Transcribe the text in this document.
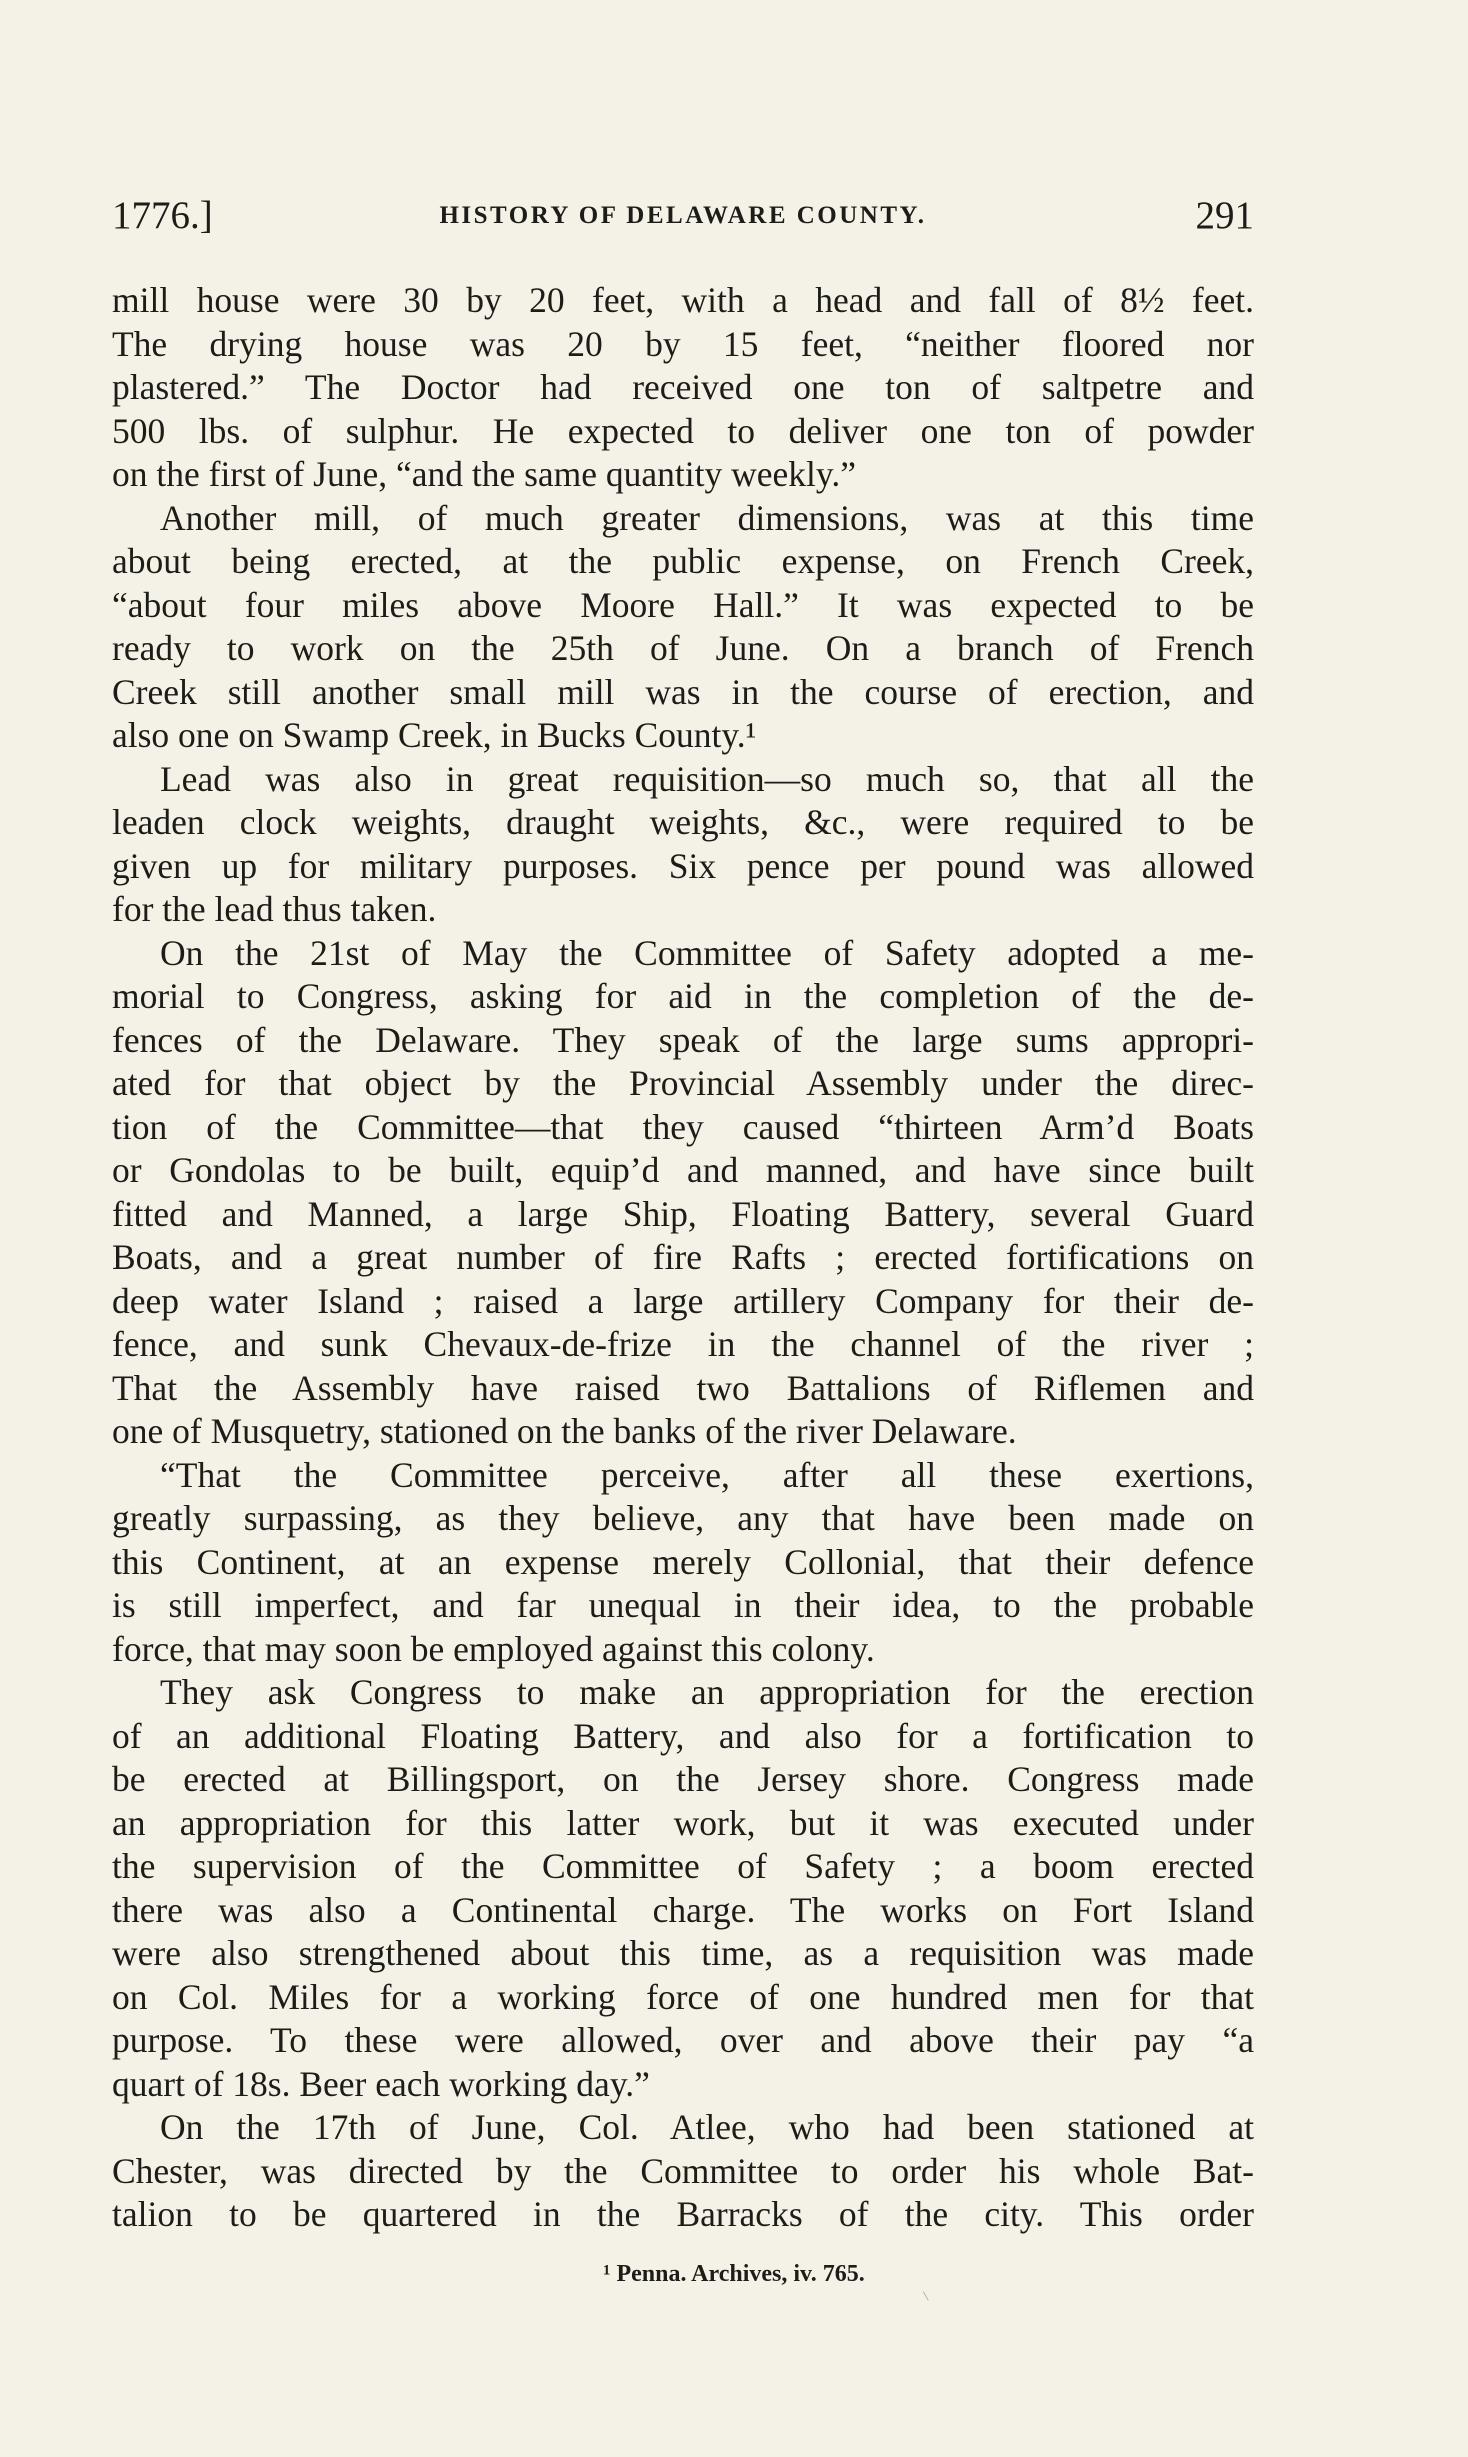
1776.]	HISTORY OF DELAWARE COUNTY.	291
mill house were 30 by 20 feet, with a head and fall of 8½ feet.
The drying house was 20 by 15 feet, “neither floored nor
plastered.” The Doctor had received one ton of saltpetre and
500 lbs. of sulphur. He expected to deliver one ton of powder
on the first of June, “and the same quantity weekly.”
Another mill, of much greater dimensions, was at this time
about being erected, at the public expense, on French Creek,
“about four miles above Moore Hall.” It was expected to be
ready to work on the 25th of June. On a branch of French
Creek still another small mill was in the course of erection, and
also one on Swamp Creek, in Bucks County.¹
Lead was also in great requisition—so much so, that all the
leaden clock weights, draught weights, &c., were required to be
given up for military purposes. Six pence per pound was allowed
for the lead thus taken.
On the 21st of May the Committee of Safety adopted a me-
morial to Congress, asking for aid in the completion of the de-
fences of the Delaware. They speak of the large sums appropri-
ated for that object by the Provincial Assembly under the direc-
tion of the Committee—that they caused “thirteen Arm’d Boats
or Gondolas to be built, equip’d and manned, and have since built
fitted and Manned, a large Ship, Floating Battery, several Guard
Boats, and a great number of fire Rafts ; erected fortifications on
deep water Island ; raised a large artillery Company for their de-
fence, and sunk Chevaux-de-frize in the channel of the river ;
That the Assembly have raised two Battalions of Riflemen and
one of Musquetry, stationed on the banks of the river Delaware.
“That the Committee perceive, after all these exertions,
greatly surpassing, as they believe, any that have been made on
this Continent, at an expense merely Collonial, that their defence
is still imperfect, and far unequal in their idea, to the probable
force, that may soon be employed against this colony.
They ask Congress to make an appropriation for the erection
of an additional Floating Battery, and also for a fortification to
be erected at Billingsport, on the Jersey shore. Congress made
an appropriation for this latter work, but it was executed under
the supervision of the Committee of Safety ; a boom erected
there was also a Continental charge. The works on Fort Island
were also strengthened about this time, as a requisition was made
on Col. Miles for a working force of one hundred men for that
purpose. To these were allowed, over and above their pay “a
quart of 18s. Beer each working day.”
On the 17th of June, Col. Atlee, who had been stationed at
Chester, was directed by the Committee to order his whole Bat-
talion to be quartered in the Barracks of the city. This order
¹ Penna. Archives, iv. 765.
